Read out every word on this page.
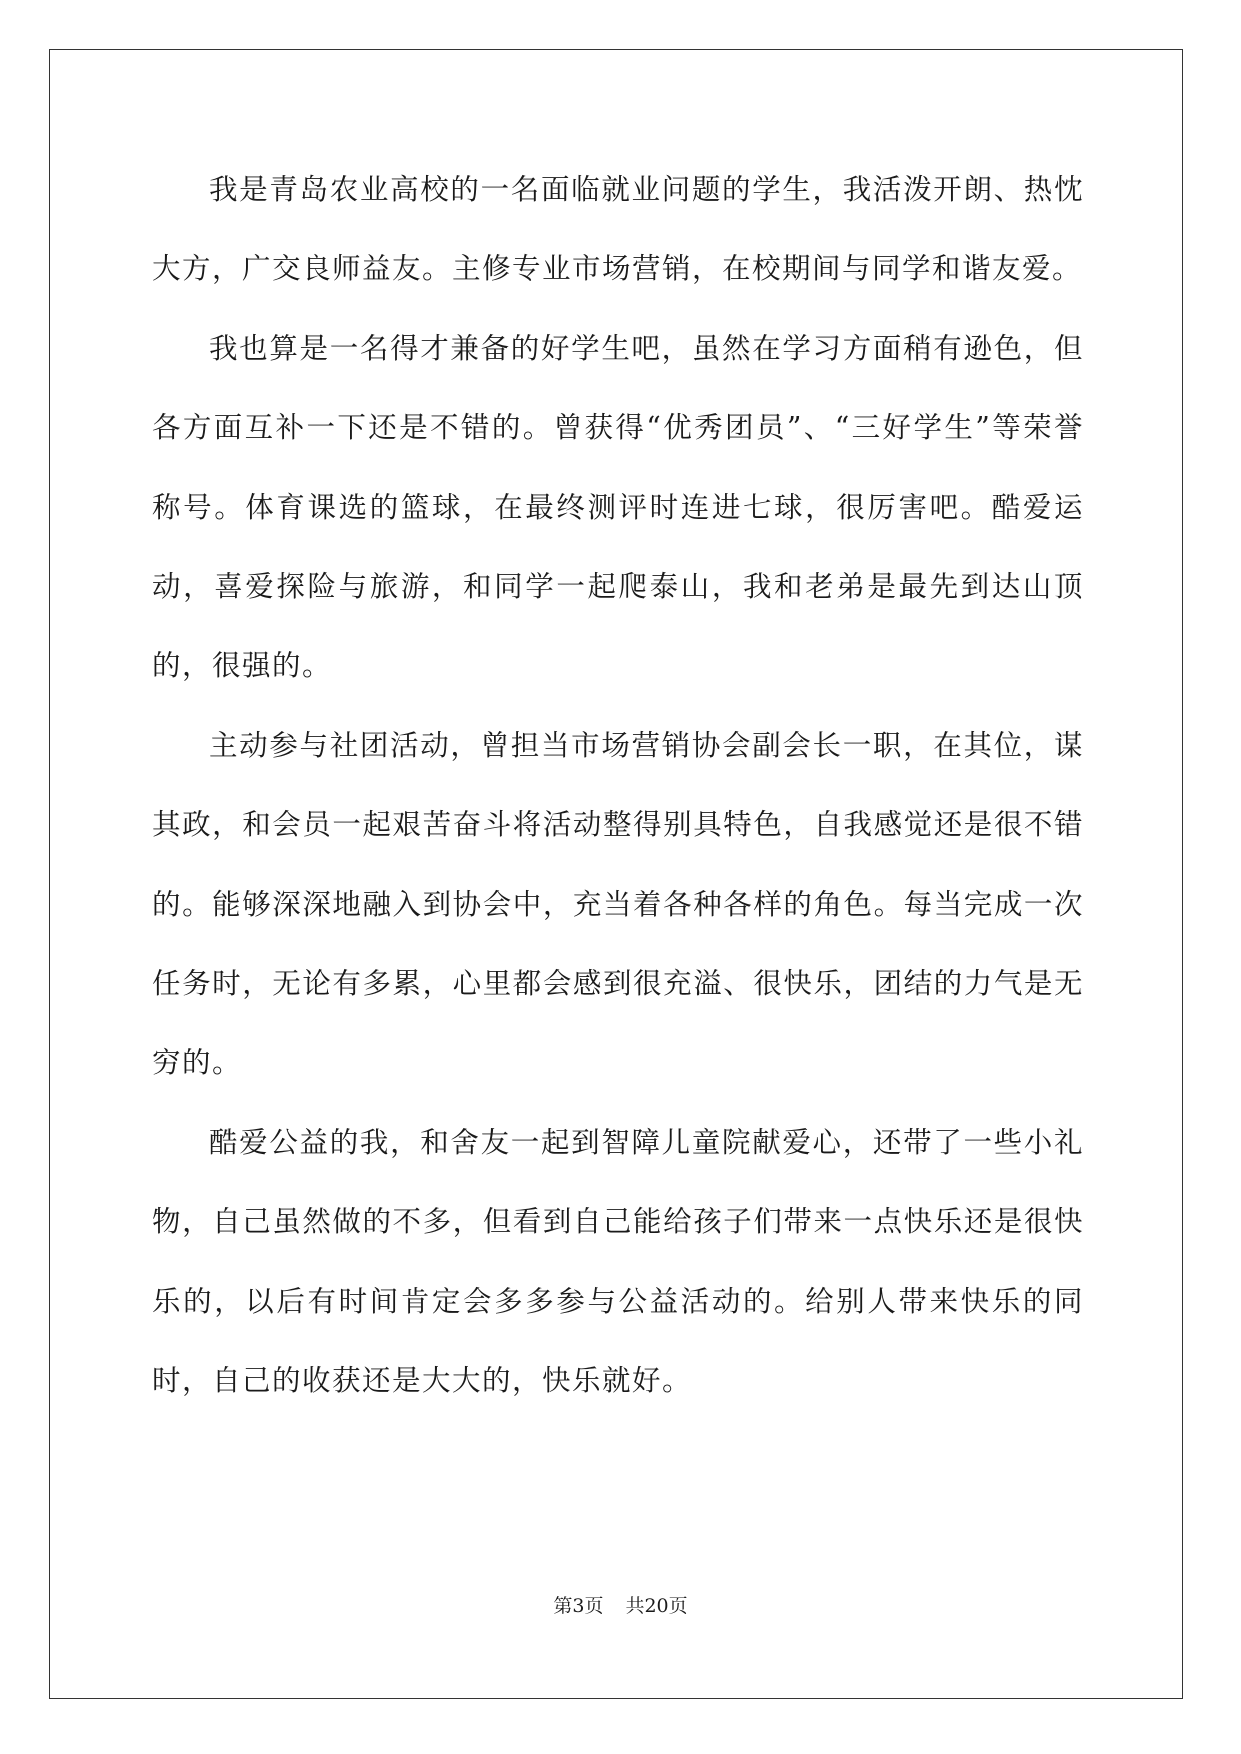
我是青岛农业高校的一名面临就业问题的学生，我活泼开朗、热忱大方，广交良师益友。主修专业市场营销，在校期间与同学和谐友爱。

我也算是一名得才兼备的好学生吧，虽然在学习方面稍有逊色，但各方面互补一下还是不错的。曾获得“优秀团员”、“三好学生”等荣誉称号。体育课选的篮球，在最终测评时连进七球，很厉害吧。酷爱运动，喜爱探险与旅游，和同学一起爬泰山，我和老弟是最先到达山顶的，很强的。

主动参与社团活动，曾担当市场营销协会副会长一职，在其位，谋其政，和会员一起艰苦奋斗将活动整得别具特色，自我感觉还是很不错的。能够深深地融入到协会中，充当着各种各样的角色。每当完成一次任务时，无论有多累，心里都会感到很充溢、很快乐，团结的力气是无穷的。

酷爱公益的我，和舍友一起到智障儿童院献爱心，还带了一些小礼物，自己虽然做的不多，但看到自己能给孩子们带来一点快乐还是很快乐的，以后有时间肯定会多多参与公益活动的。给别人带来快乐的同时，自己的收获还是大大的，快乐就好。

第3页 共20页
